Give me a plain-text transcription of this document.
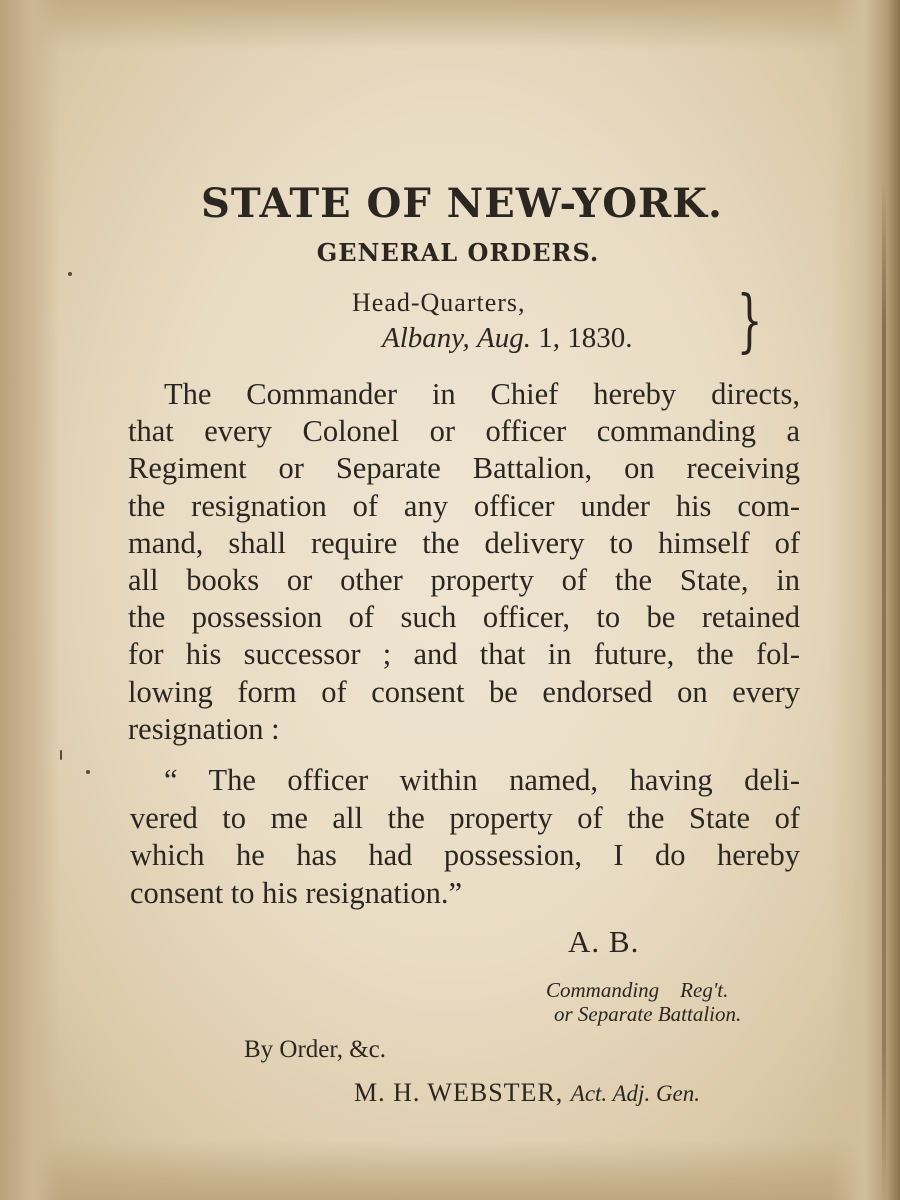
STATE OF NEW-YORK.
GENERAL ORDERS.
Head-Quarters,
Albany, Aug. 1, 1830. }
The Commander in Chief hereby directs,
that every Colonel or officer commanding a
Regiment or Separate Battalion, on receiving
the resignation of any officer under his com-
mand, shall require the delivery to himself of
all books or other property of the State, in
the possession of such officer, to be retained
for his successor ; and that in future, the fol-
lowing form of consent be endorsed on every
resignation :
“ The officer within named, having deli-
vered to me all the property of the State of
which he has had possession, I do hereby
consent to his resignation.”
A. B.
Commanding    Reg't.
or Separate Battalion.
By Order, &c.
M. H. WEBSTER, Act. Adj. Gen.
